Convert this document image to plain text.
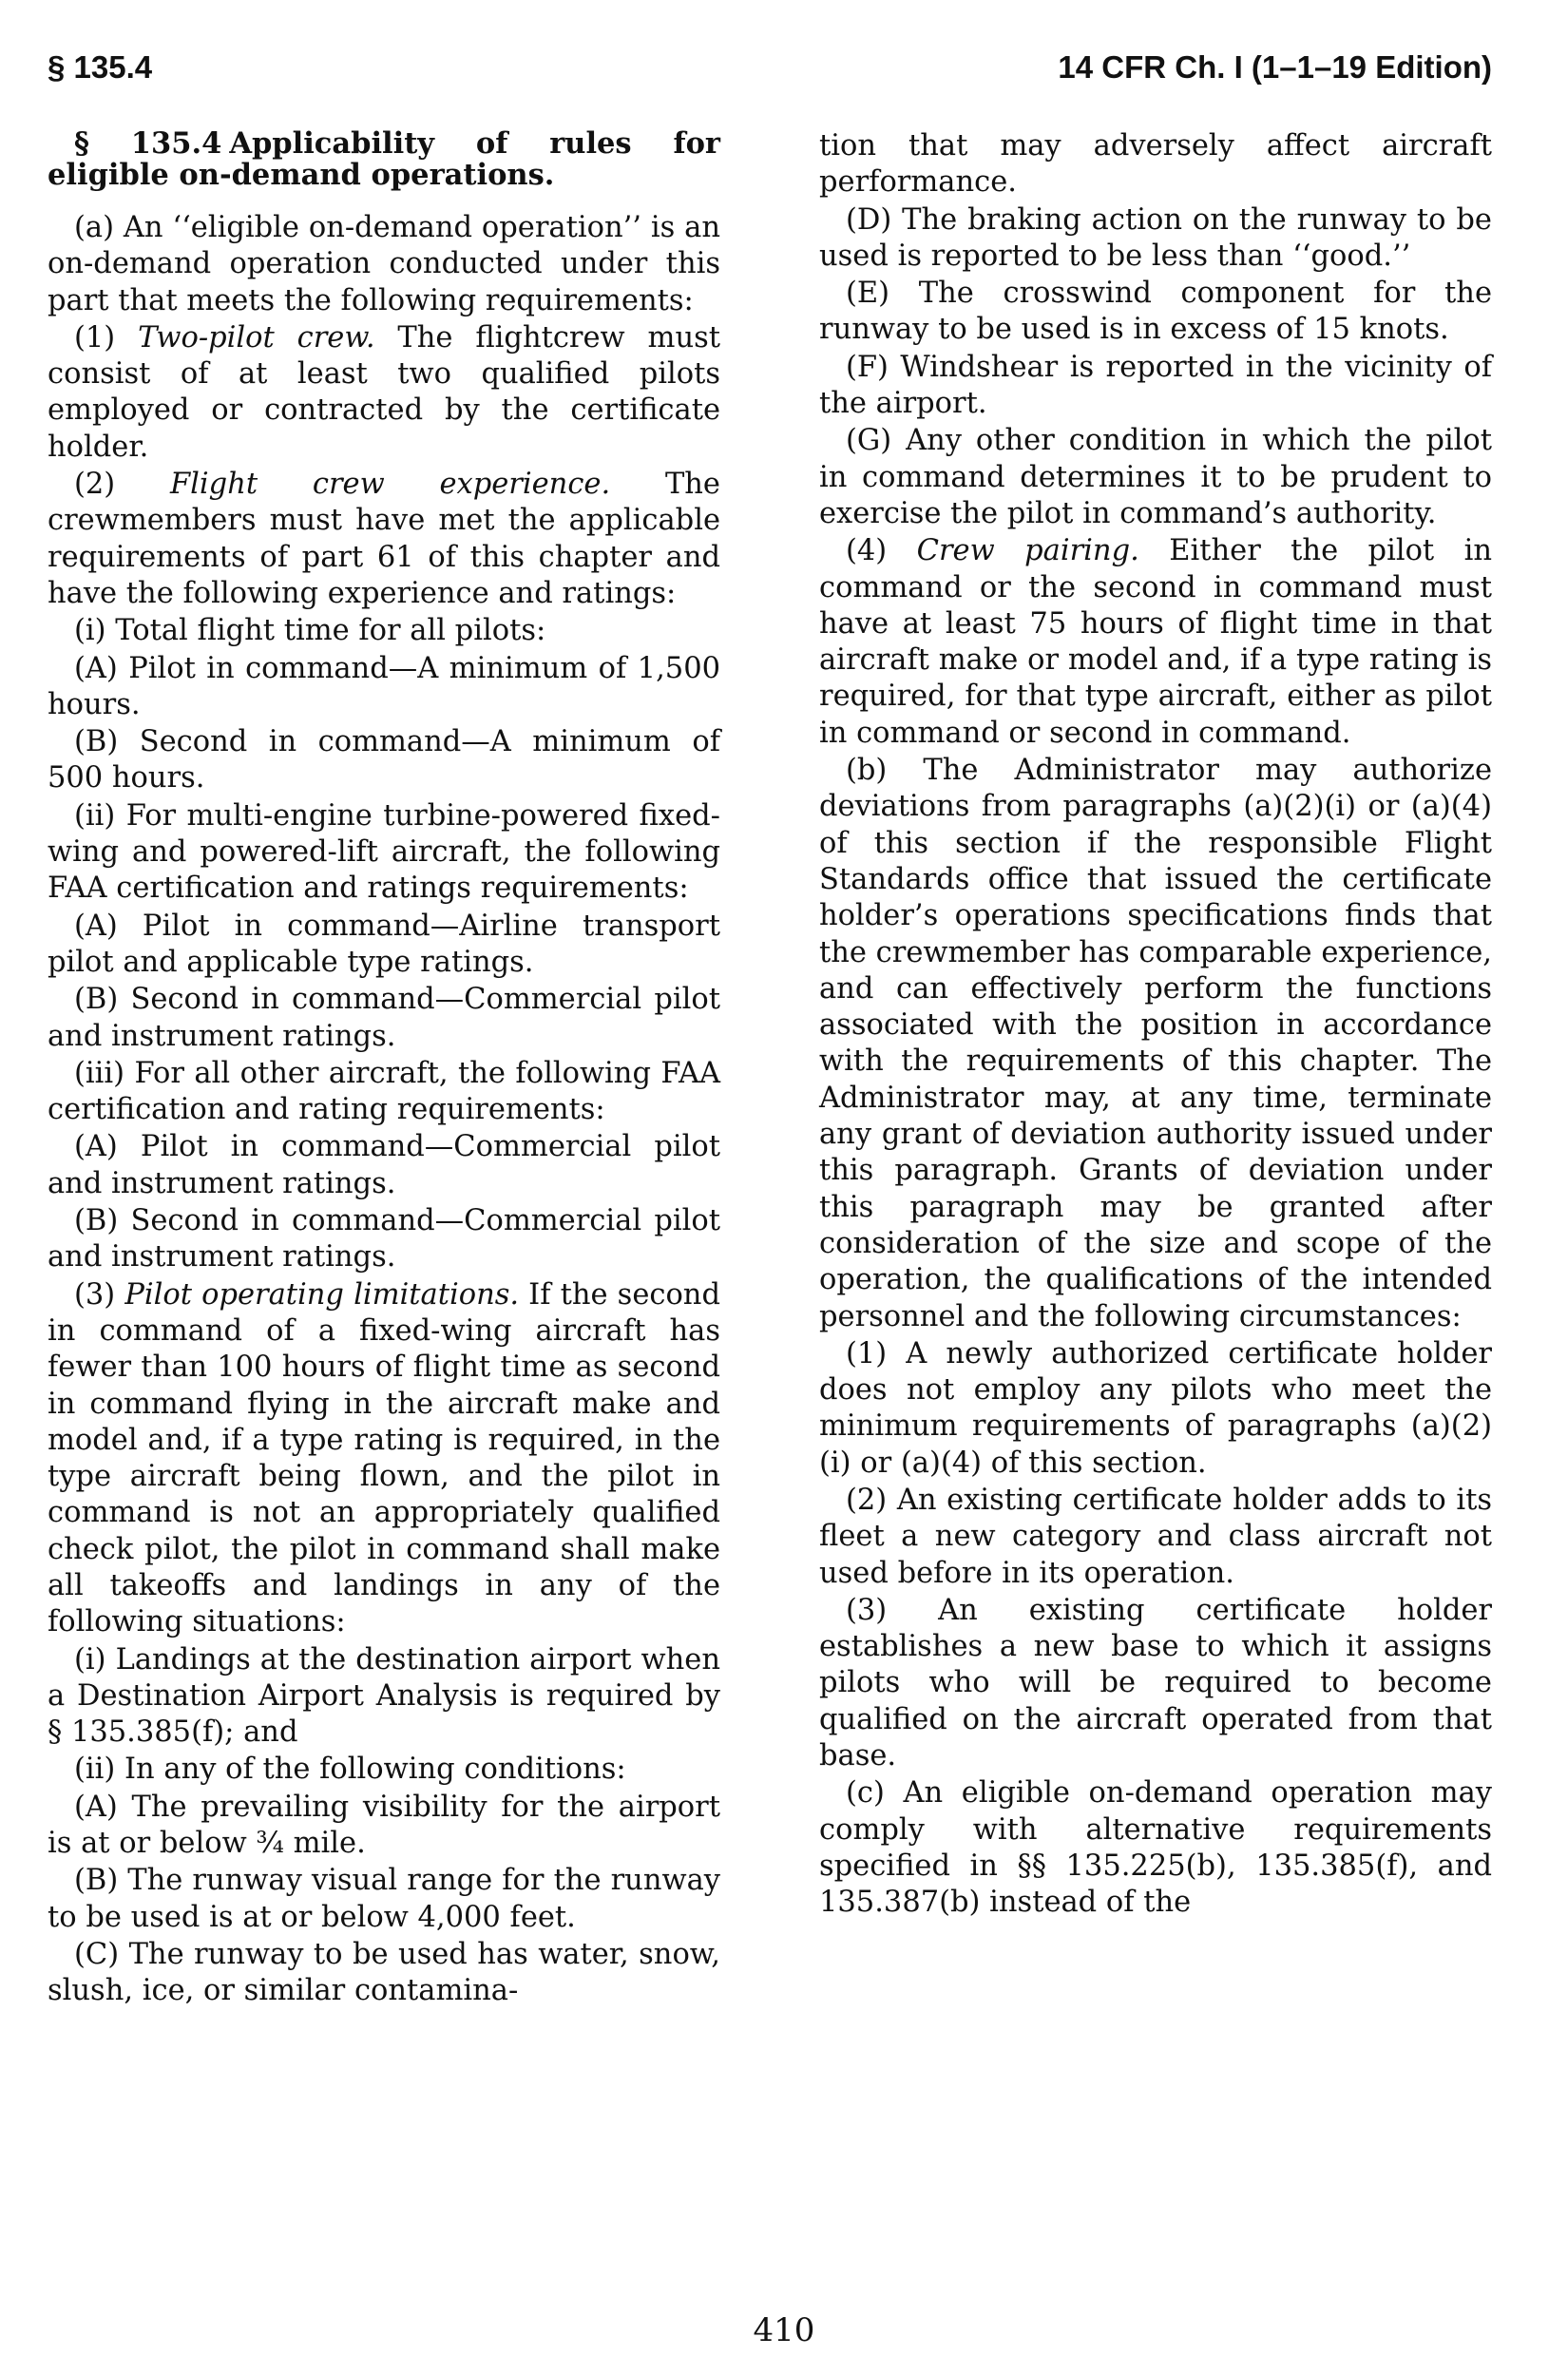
§ 135.4	14 CFR Ch. I (1–1–19 Edition)

§ 135.4 Applicability of rules for eligible on-demand operations.

(a) An ‘‘eligible on-demand operation’’ is an on-demand operation conducted under this part that meets the following requirements:

(1) Two-pilot crew. The flightcrew must consist of at least two qualified pilots employed or contracted by the certificate holder.

(2) Flight crew experience. The crewmembers must have met the applicable requirements of part 61 of this chapter and have the following experience and ratings:

(i) Total flight time for all pilots:

(A) Pilot in command—A minimum of 1,500 hours.

(B) Second in command—A minimum of 500 hours.

(ii) For multi-engine turbine-powered fixed-wing and powered-lift aircraft, the following FAA certification and ratings requirements:

(A) Pilot in command—Airline transport pilot and applicable type ratings.

(B) Second in command—Commercial pilot and instrument ratings.

(iii) For all other aircraft, the following FAA certification and rating requirements:

(A) Pilot in command—Commercial pilot and instrument ratings.

(B) Second in command—Commercial pilot and instrument ratings.

(3) Pilot operating limitations. If the second in command of a fixed-wing aircraft has fewer than 100 hours of flight time as second in command flying in the aircraft make and model and, if a type rating is required, in the type aircraft being flown, and the pilot in command is not an appropriately qualified check pilot, the pilot in command shall make all takeoffs and landings in any of the following situations:

(i) Landings at the destination airport when a Destination Airport Analysis is required by § 135.385(f); and

(ii) In any of the following conditions:

(A) The prevailing visibility for the airport is at or below ¾ mile.

(B) The runway visual range for the runway to be used is at or below 4,000 feet.

(C) The runway to be used has water, snow, slush, ice, or similar contamina-

tion that may adversely affect aircraft performance.

(D) The braking action on the runway to be used is reported to be less than ‘‘good.’’

(E) The crosswind component for the runway to be used is in excess of 15 knots.

(F) Windshear is reported in the vicinity of the airport.

(G) Any other condition in which the pilot in command determines it to be prudent to exercise the pilot in command’s authority.

(4) Crew pairing. Either the pilot in command or the second in command must have at least 75 hours of flight time in that aircraft make or model and, if a type rating is required, for that type aircraft, either as pilot in command or second in command.

(b) The Administrator may authorize deviations from paragraphs (a)(2)(i) or (a)(4) of this section if the responsible Flight Standards office that issued the certificate holder’s operations specifications finds that the crewmember has comparable experience, and can effectively perform the functions associated with the position in accordance with the requirements of this chapter. The Administrator may, at any time, terminate any grant of deviation authority issued under this paragraph. Grants of deviation under this paragraph may be granted after consideration of the size and scope of the operation, the qualifications of the intended personnel and the following circumstances:

(1) A newly authorized certificate holder does not employ any pilots who meet the minimum requirements of paragraphs (a)(2)(i) or (a)(4) of this section.

(2) An existing certificate holder adds to its fleet a new category and class aircraft not used before in its operation.

(3) An existing certificate holder establishes a new base to which it assigns pilots who will be required to become qualified on the aircraft operated from that base.

(c) An eligible on-demand operation may comply with alternative requirements specified in §§ 135.225(b), 135.385(f), and 135.387(b) instead of the

410
